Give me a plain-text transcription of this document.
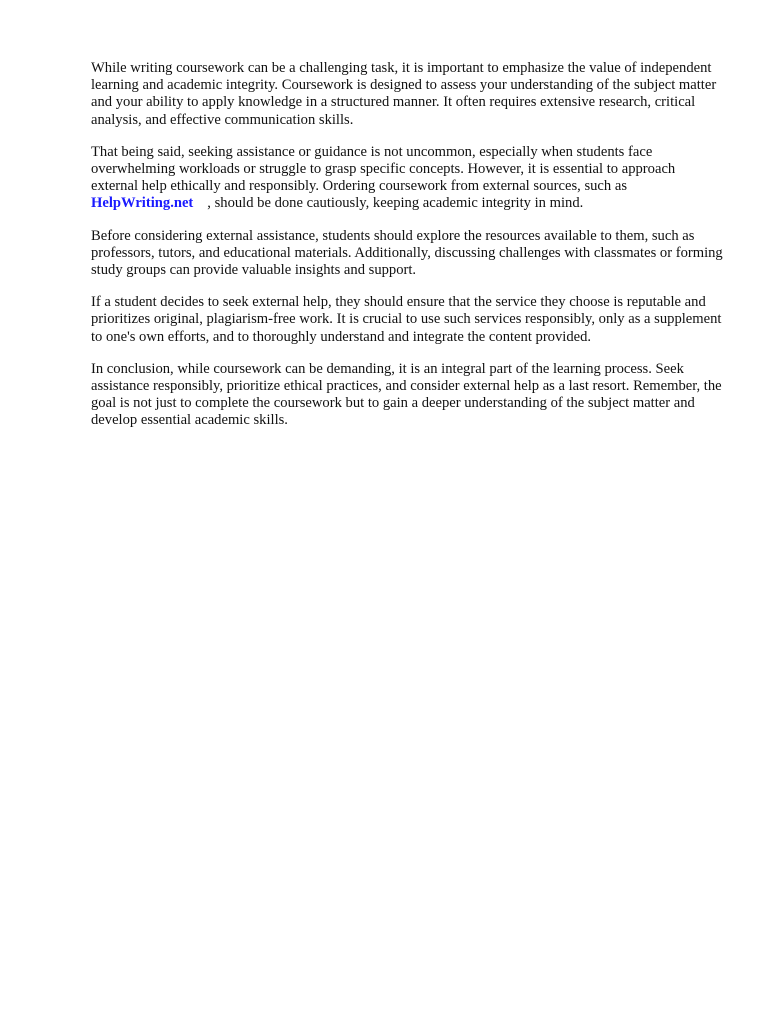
While writing coursework can be a challenging task, it is important to emphasize the value of independent learning and academic integrity. Coursework is designed to assess your understanding of the subject matter and your ability to apply knowledge in a structured manner. It often requires extensive research, critical analysis, and effective communication skills.

That being said, seeking assistance or guidance is not uncommon, especially when students face overwhelming workloads or struggle to grasp specific concepts. However, it is essential to approach external help ethically and responsibly. Ordering coursework from external sources, such as
HelpWriting.net , should be done cautiously, keeping academic integrity in mind.

Before considering external assistance, students should explore the resources available to them, such as professors, tutors, and educational materials. Additionally, discussing challenges with classmates or forming study groups can provide valuable insights and support.

If a student decides to seek external help, they should ensure that the service they choose is reputable and prioritizes original, plagiarism-free work. It is crucial to use such services responsibly, only as a supplement to one's own efforts, and to thoroughly understand and integrate the content provided.

In conclusion, while coursework can be demanding, it is an integral part of the learning process. Seek assistance responsibly, prioritize ethical practices, and consider external help as a last resort. Remember, the goal is not just to complete the coursework but to gain a deeper understanding of the subject matter and develop essential academic skills.
